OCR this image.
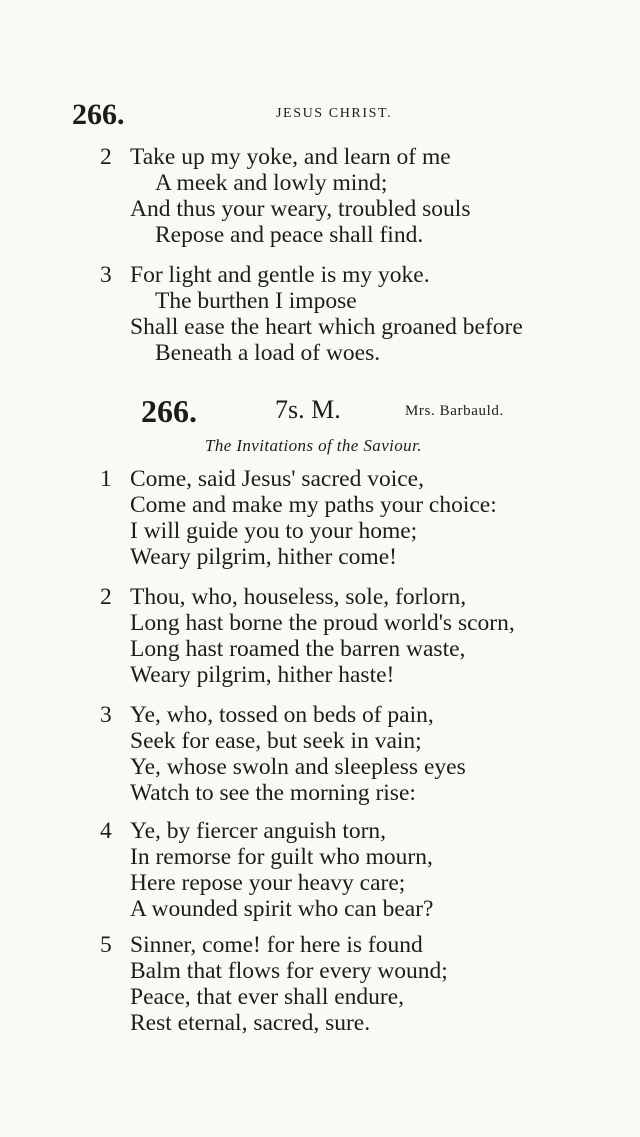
266.	JESUS CHRIST.
2 Take up my yoke, and learn of me
A meek and lowly mind;
And thus your weary, troubled souls
Repose and peace shall find.
3 For light and gentle is my yoke.
The burthen I impose
Shall ease the heart which groaned before
Beneath a load of woes.
266.	7s. M.	Mrs. Barbauld.
The Invitations of the Saviour.
1 Come, said Jesus' sacred voice,
Come and make my paths your choice:
I will guide you to your home;
Weary pilgrim, hither come!
2 Thou, who, houseless, sole, forlorn,
Long hast borne the proud world's scorn,
Long hast roamed the barren waste,
Weary pilgrim, hither haste!
3 Ye, who, tossed on beds of pain,
Seek for ease, but seek in vain;
Ye, whose swoln and sleepless eyes
Watch to see the morning rise:
4 Ye, by fiercer anguish torn,
In remorse for guilt who mourn,
Here repose your heavy care;
A wounded spirit who can bear?
5 Sinner, come! for here is found
Balm that flows for every wound;
Peace, that ever shall endure,
Rest eternal, sacred, sure.
